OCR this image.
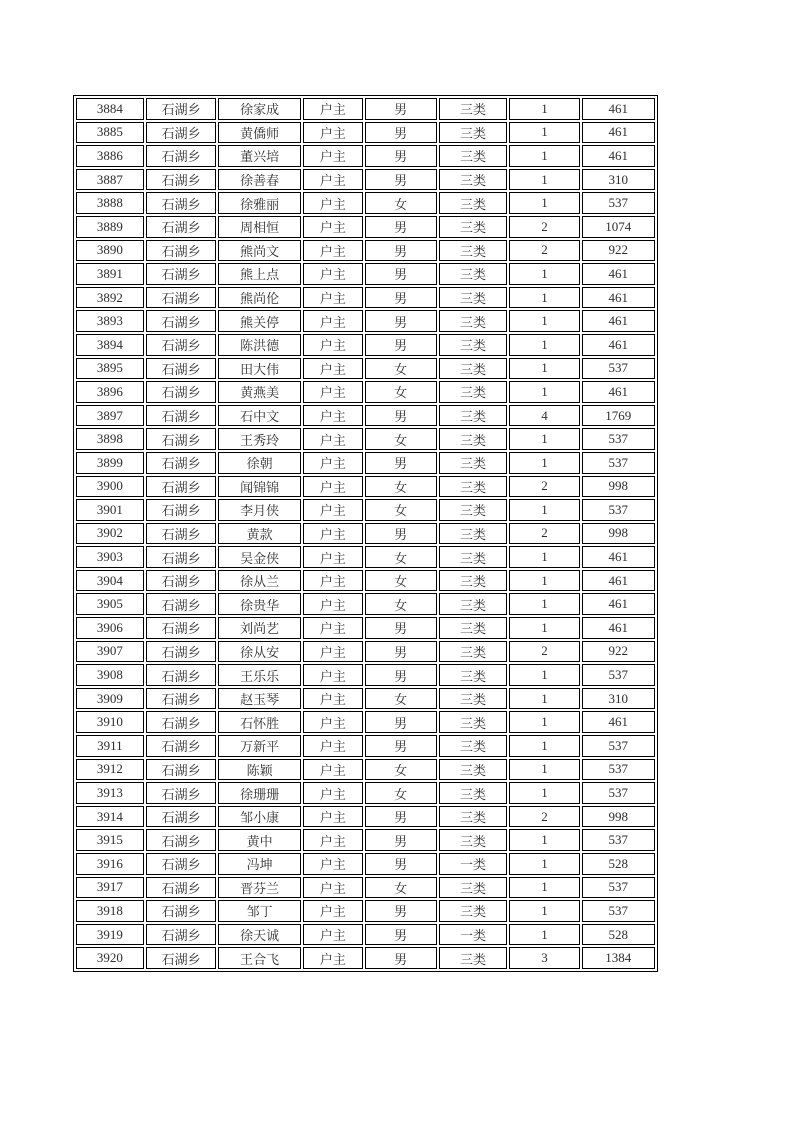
3884	石湖乡	徐家成	户主	男	三类	1	461
3885	石湖乡	黄僑师	户主	男	三类	1	461
3886	石湖乡	董兴培	户主	男	三类	1	461
3887	石湖乡	徐善春	户主	男	三类	1	310
3888	石湖乡	徐雅丽	户主	女	三类	1	537
3889	石湖乡	周相恒	户主	男	三类	2	1074
3890	石湖乡	熊尚文	户主	男	三类	2	922
3891	石湖乡	熊上点	户主	男	三类	1	461
3892	石湖乡	熊尚伦	户主	男	三类	1	461
3893	石湖乡	熊关停	户主	男	三类	1	461
3894	石湖乡	陈洪德	户主	男	三类	1	461
3895	石湖乡	田大伟	户主	女	三类	1	537
3896	石湖乡	黄燕美	户主	女	三类	1	461
3897	石湖乡	石中文	户主	男	三类	4	1769
3898	石湖乡	王秀玲	户主	女	三类	1	537
3899	石湖乡	徐朝	户主	男	三类	1	537
3900	石湖乡	闻锦锦	户主	女	三类	2	998
3901	石湖乡	李月侠	户主	女	三类	1	537
3902	石湖乡	黄款	户主	男	三类	2	998
3903	石湖乡	吴金侠	户主	女	三类	1	461
3904	石湖乡	徐从兰	户主	女	三类	1	461
3905	石湖乡	徐贵华	户主	女	三类	1	461
3906	石湖乡	刘尚艺	户主	男	三类	1	461
3907	石湖乡	徐从安	户主	男	三类	2	922
3908	石湖乡	王乐乐	户主	男	三类	1	537
3909	石湖乡	赵玉琴	户主	女	三类	1	310
3910	石湖乡	石怀胜	户主	男	三类	1	461
3911	石湖乡	万新平	户主	男	三类	1	537
3912	石湖乡	陈颖	户主	女	三类	1	537
3913	石湖乡	徐珊珊	户主	女	三类	1	537
3914	石湖乡	邹小康	户主	男	三类	2	998
3915	石湖乡	黄中	户主	男	三类	1	537
3916	石湖乡	冯坤	户主	男	一类	1	528
3917	石湖乡	晋芬兰	户主	女	三类	1	537
3918	石湖乡	邹丁	户主	男	三类	1	537
3919	石湖乡	徐天诚	户主	男	一类	1	528
3920	石湖乡	王合飞	户主	男	三类	3	1384
